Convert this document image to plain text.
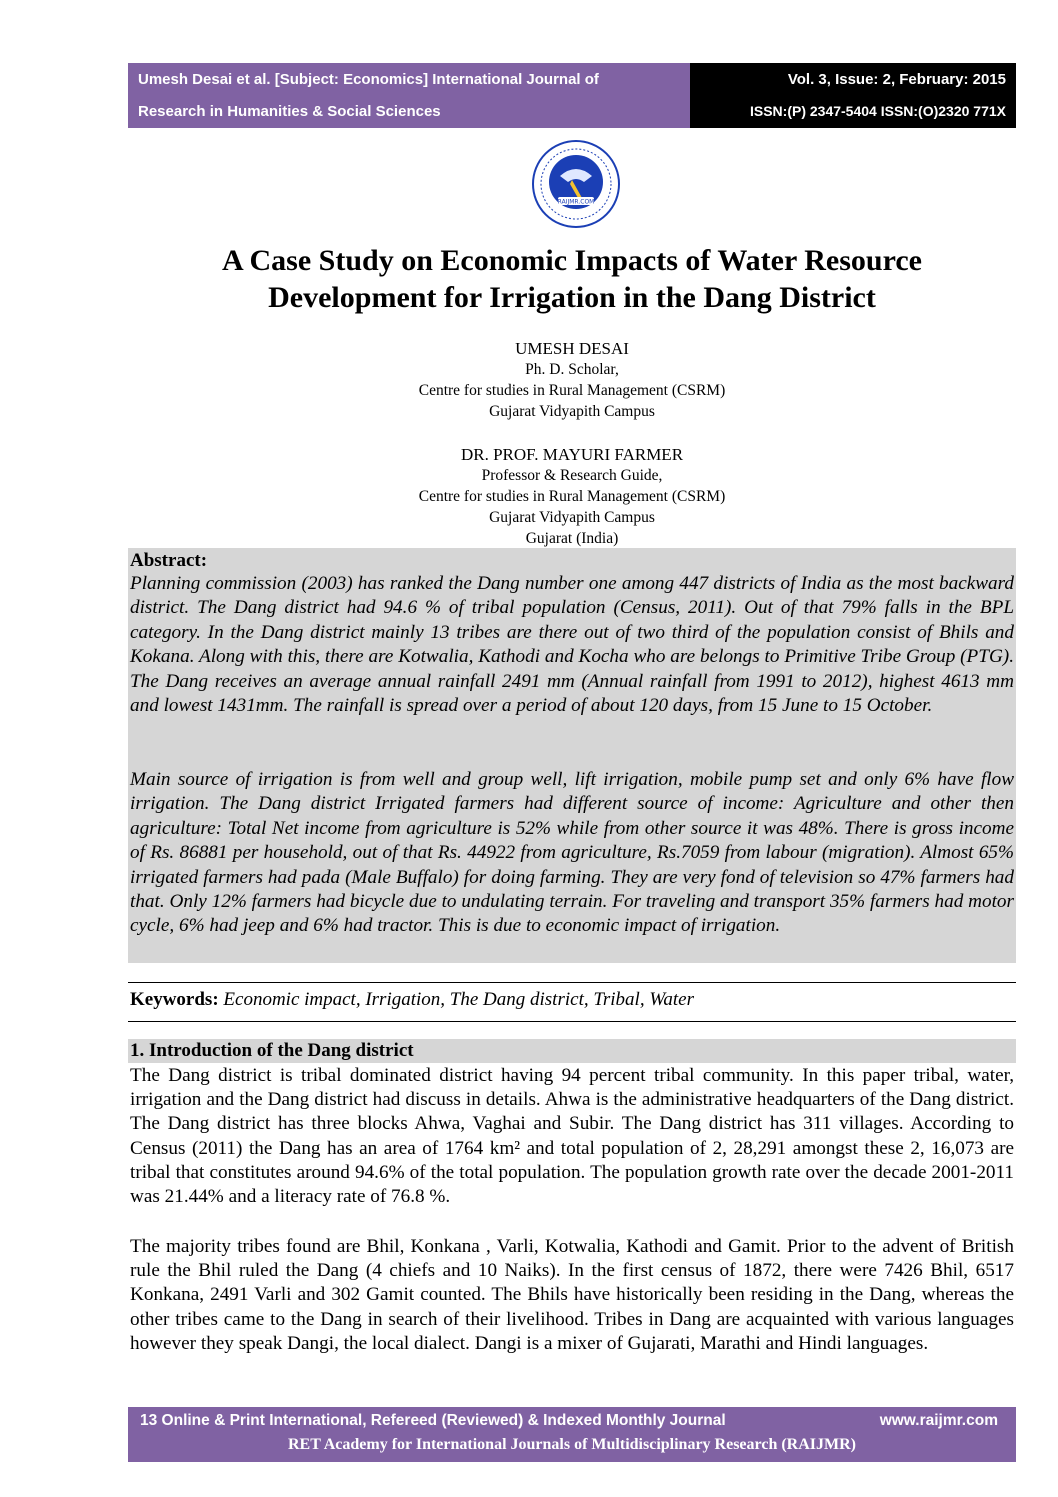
Umesh Desai et al. [Subject: Economics] International Journal of
Research in Humanities & Social Sciences
Vol. 3, Issue: 2, February: 2015
ISSN:(P) 2347-5404 ISSN:(O)2320 771X
RAIJMR.COM
A Case Study on Economic Impacts of Water Resource
Development for Irrigation in the Dang District
UMESH DESAI
Ph. D. Scholar,
Centre for studies in Rural Management (CSRM)
Gujarat Vidyapith Campus
DR. PROF. MAYURI FARMER
Professor & Research Guide,
Centre for studies in Rural Management (CSRM)
Gujarat Vidyapith Campus
Gujarat (India)
Abstract:
Planning commission (2003) has ranked the Dang number one among 447 districts of India as the most backward district. The Dang district had 94.6 % of tribal population (Census, 2011). Out of that 79% falls in the BPL category. In the Dang district mainly 13 tribes are there out of two third of the population consist of Bhils and Kokana. Along with this, there are Kotwalia, Kathodi and Kocha who are belongs to Primitive Tribe Group (PTG). The Dang receives an average annual rainfall 2491 mm (Annual rainfall from 1991 to 2012), highest 4613 mm and lowest 1431mm. The rainfall is spread over a period of about 120 days, from 15 June to 15 October.
Main source of irrigation is from well and group well, lift irrigation, mobile pump set and only 6% have flow irrigation. The Dang district Irrigated farmers had different source of income: Agriculture and other then agriculture: Total Net income from agriculture is 52% while from other source it was 48%. There is gross income of Rs. 86881 per household, out of that Rs. 44922 from agriculture, Rs.7059 from labour (migration). Almost 65% irrigated farmers had pada (Male Buffalo) for doing farming. They are very fond of television so 47% farmers had that. Only 12% farmers had bicycle due to undulating terrain. For traveling and transport 35% farmers had motor cycle, 6% had jeep and 6% had tractor. This is due to economic impact of irrigation.
Keywords: Economic impact, Irrigation, The Dang district, Tribal, Water
1. Introduction of the Dang district
The Dang district is tribal dominated district having 94 percent tribal community. In this paper tribal, water, irrigation and the Dang district had discuss in details. Ahwa is the administrative headquarters of the Dang district. The Dang district has three blocks Ahwa, Vaghai and Subir. The Dang district has 311 villages. According to Census (2011) the Dang has an area of 1764 km² and total population of 2, 28,291 amongst these 2, 16,073 are tribal that constitutes around 94.6% of the total population. The population growth rate over the decade 2001-2011 was 21.44% and a literacy rate of 76.8 %.
The majority tribes found are Bhil, Konkana , Varli, Kotwalia, Kathodi and Gamit. Prior to the advent of British rule the Bhil ruled the Dang (4 chiefs and 10 Naiks). In the first census of 1872, there were 7426 Bhil, 6517 Konkana, 2491 Varli and 302 Gamit counted. The Bhils have historically been residing in the Dang, whereas the other tribes came to the Dang in search of their livelihood. Tribes in Dang are acquainted with various languages however they speak Dangi, the local dialect. Dangi is a mixer of Gujarati, Marathi and Hindi languages.
13 Online & Print International, Refereed (Reviewed) & Indexed Monthly Journal	www.raijmr.com
RET Academy for International Journals of Multidisciplinary Research (RAIJMR)
